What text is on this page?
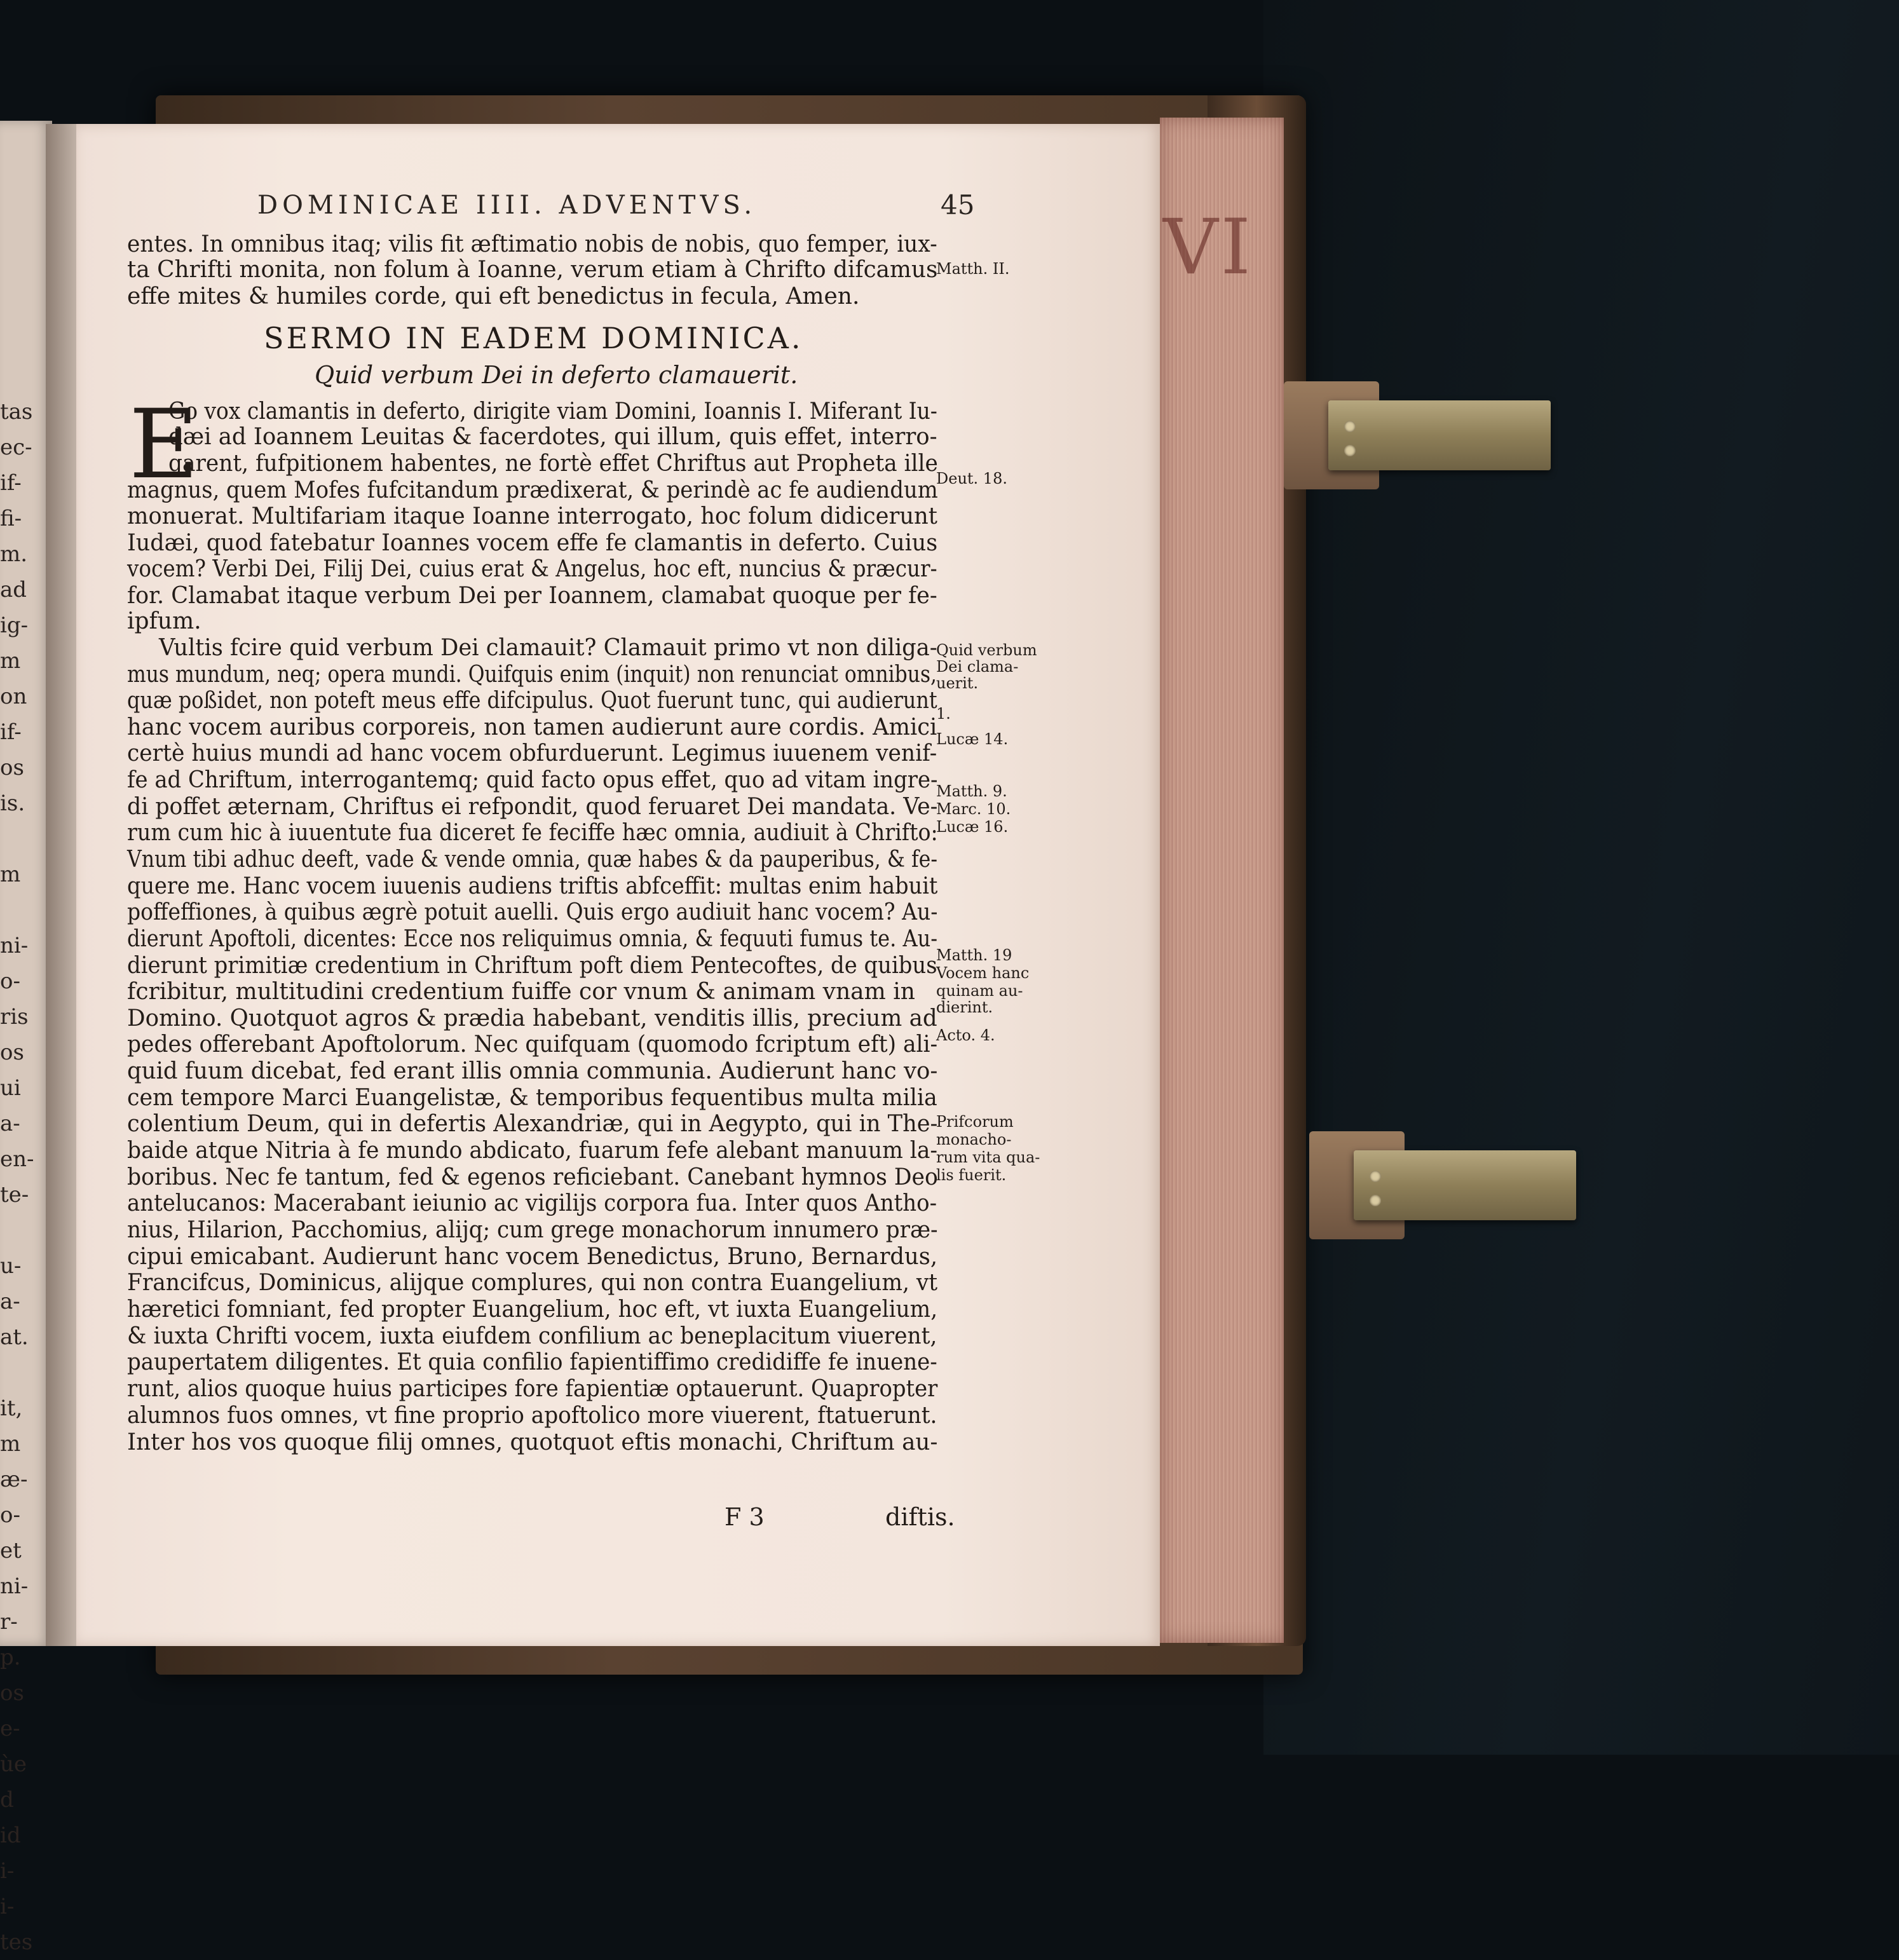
VI
tas
ec-
if-
fi-
m.
ad
ig-
m
on
if-
os
is.
m
ni-
o-
ris
os
ui
a-
en-
te-
u-
a-
at.
it,
m
æ-
o-
et
ni-
r-
p.
os
e-
ùe
d
id
i-
i-
tes
DOMINICAE IIII. ADVENTVS.	45
entes. In omnibus itaq; vilis fit æftimatio nobis de nobis, quo femper, iux-
ta Chrifti monita, non folum à Ioanne, verum etiam à Chrifto difcamus
effe mites & humiles corde, qui eft benedictus in fecula, Amen.
Go vox clamantis in deferto, dirigite viam Domini, Ioannis I. Miferant Iu-
dæi ad Ioannem Leuitas & facerdotes, qui illum, quis effet, interro-
garent, fufpitionem habentes, ne fortè effet Chriftus aut Propheta ille
magnus, quem Mofes fufcitandum prædixerat, & perindè ac fe audiendum
monuerat. Multifariam itaque Ioanne interrogato, hoc folum didicerunt
Iudæi, quod fatebatur Ioannes vocem effe fe clamantis in deferto. Cuius
vocem? Verbi Dei, Filij Dei, cuius erat & Angelus, hoc eft, nuncius & præcur-
for. Clamabat itaque verbum Dei per Ioannem, clamabat quoque per fe-
ipfum.
Vultis fcire quid verbum Dei clamauit? Clamauit primo vt non diliga-
mus mundum, neq; opera mundi. Quifquis enim (inquit) non renunciat omnibus,
quæ poßidet, non poteft meus effe difcipulus. Quot fuerunt tunc, qui audierunt
hanc vocem auribus corporeis, non tamen audierunt aure cordis. Amici
certè huius mundi ad hanc vocem obfurduerunt. Legimus iuuenem venif-
fe ad Chriftum, interrogantemq; quid facto opus effet, quo ad vitam ingre-
di poffet æternam, Chriftus ei refpondit, quod feruaret Dei mandata. Ve-
rum cum hic à iuuentute fua diceret fe feciffe hæc omnia, audiuit à Chrifto:
Vnum tibi adhuc deeft, vade & vende omnia, quæ habes & da pauperibus, & fe-
quere me. Hanc vocem iuuenis audiens triftis abfceffit: multas enim habuit
poffeffiones, à quibus ægrè potuit auelli. Quis ergo audiuit hanc vocem? Au-
dierunt Apoftoli, dicentes: Ecce nos reliquimus omnia, & fequuti fumus te. Au-
dierunt primitiæ credentium in Chriftum poft diem Pentecoftes, de quibus
fcribitur, multitudini credentium fuiffe cor vnum & animam vnam in
Domino. Quotquot agros & prædia habebant, venditis illis, precium ad
pedes offerebant Apoftolorum. Nec quifquam (quomodo fcriptum eft) ali-
quid fuum dicebat, fed erant illis omnia communia. Audierunt hanc vo-
cem tempore Marci Euangelistæ, & temporibus fequentibus multa milia
colentium Deum, qui in defertis Alexandriæ, qui in Aegypto, qui in The-
baide atque Nitria à fe mundo abdicato, fuarum fefe alebant manuum la-
boribus. Nec fe tantum, fed & egenos reficiebant. Canebant hymnos Deo
antelucanos: Macerabant ieiunio ac vigilijs corpora fua. Inter quos Antho-
nius, Hilarion, Pacchomius, alijq; cum grege monachorum innumero præ-
cipui emicabant. Audierunt hanc vocem Benedictus, Bruno, Bernardus,
Francifcus, Dominicus, alijque complures, qui non contra Euangelium, vt
hæretici fomniant, fed propter Euangelium, hoc eft, vt iuxta Euangelium,
& iuxta Chrifti vocem, iuxta eiufdem confilium ac beneplacitum viuerent,
paupertatem diligentes. Et quia confilio fapientiffimo credidiffe fe inuene-
runt, alios quoque huius participes fore fapientiæ optauerunt. Quapropter
alumnos fuos omnes, vt fine proprio apoftolico more viuerent, ftatuerunt.
Inter hos vos quoque filij omnes, quotquot eftis monachi, Chriftum au-
SERMO IN EADEM DOMINICA.
Quid verbum Dei in deferto clamauerit.
E
Matth. II.
Deut. 18.
Quid verbum
Dei clama-
uerit.
1.
Lucæ 14.
Matth. 9.
Marc. 10.
Lucæ 16.
Matth. 19
Vocem hanc
quinam au-
dierint.
Acto. 4.
Prifcorum
monacho-
rum vita qua-
lis fuerit.
F 3	diftis.
